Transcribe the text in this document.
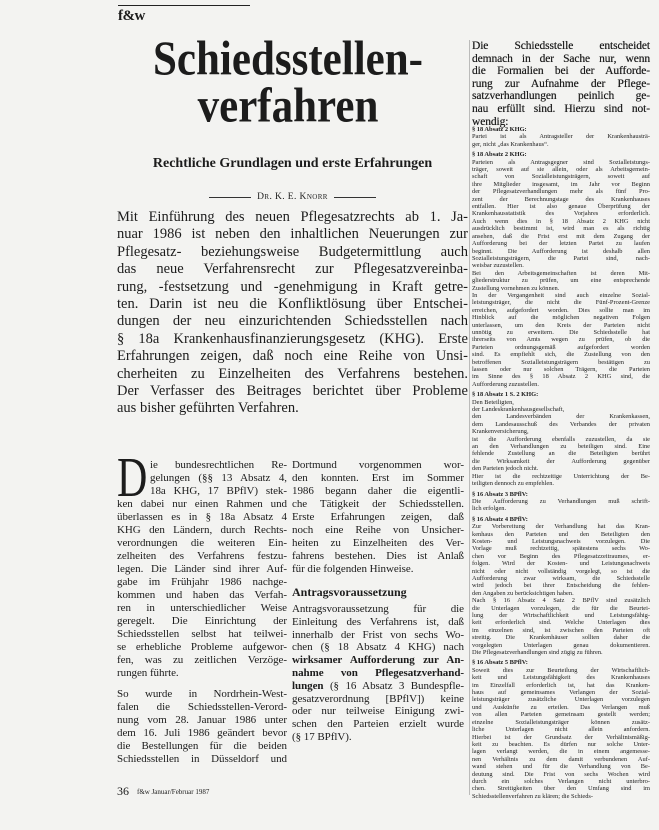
f&w
Schiedsstellen-
verfahren
Rechtliche Grundlagen und erste Erfahrungen
Dr. K. E. Knorr
Mit Einführung des neuen Pflegesatzrechts ab 1. Ja-
nuar 1986 ist neben den inhaltlichen Neuerungen zur
Pflegesatz- beziehungsweise Budgetermittlung auch
das neue Verfahrensrecht zur Pflegesatzvereinba-
rung, -festsetzung und -genehmigung in Kraft getre-
ten. Darin ist neu die Konfliktlösung über Entschei-
dungen der neu einzurichtenden Schiedsstellen nach
§ 18a Krankenhausfinanzierungsgesetz (KHG). Erste
Erfahrungen zeigen, daß noch eine Reihe von Unsi-
cherheiten zu Einzelheiten des Verfahrens bestehen.
Der Verfasser des Beitrages berichtet über Probleme
aus bisher geführten Verfahren.
D ie bundesrechtlichen Re-
gelungen (§§ 13 Absatz 4,
18a KHG, 17 BPflV) stek-
ken dabei nur einen Rahmen und
überlassen es in § 18a Absatz 4
KHG den Ländern, durch Rechts-
verordnungen die weiteren Ein-
zelheiten des Verfahrens festzu-
legen. Die Länder sind ihrer Auf-
gabe im Frühjahr 1986 nachge-
kommen und haben das Verfah-
ren in unterschiedlicher Weise
geregelt. Die Einrichtung der
Schiedsstellen selbst hat teilwei-
se erhebliche Probleme aufgewor-
fen, was zu zeitlichen Verzöge-
rungen führte.
So wurde in Nordrhein-West-
falen die Schiedsstellen-Verord-
nung vom 28. Januar 1986 unter
dem 16. Juli 1986 geändert bevor
die Bestellungen für die beiden
Schiedsstellen in Düsseldorf und
Dortmund vorgenommen wor-
den konnten. Erst im Sommer
1986 begann daher die eigentli-
che Tätigkeit der Schiedsstellen.
Erste Erfahrungen zeigen, daß
noch eine Reihe von Unsicher-
heiten zu Einzelheiten des Ver-
fahrens bestehen. Dies ist Anlaß
für die folgenden Hinweise.
Antragsvoraussetzung
Antragsvoraussetzung für die
Einleitung des Verfahrens ist, daß
innerhalb der Frist von sechs Wo-
chen (§ 18 Absatz 4 KHG) nach
wirksamer Aufforderung zur An-
nahme von Pflegesatzverhand-
lungen (§ 16 Absatz 3 Bundespfle-
gesatzverordnung [BPflV]) keine
oder nur teilweise Einigung zwi-
schen den Parteien erzielt wurde
(§ 17 BPflV).
Die Schiedsstelle entscheidet
demnach in der Sache nur, wenn
die Formalien bei der Aufforde-
rung zur Aufnahme der Pflege-
satzverhandlungen peinlich ge-
nau erfüllt sind. Hierzu sind not-
wendig:
§ 18 Absatz 2 KHG:
Partei ist als Antragsteller der Krankenhausträ-
ger, nicht „das Krankenhaus“.
§ 18 Absatz 2 KHG:
Parteien als Antragsgegner sind Sozialleistungs-
träger, soweit auf sie allein, oder als Arbeitsgemein-
schaft von Sozialleistungsträgern, soweit auf
ihre Mitglieder insgesamt, im Jahr vor Beginn
der Pflegesatzverhandlungen mehr als fünf Pro-
zent der Berechnungstage des Krankenhauses
entfallen. Hier ist also genaue Überprüfung der
Krankenhausstatistik des Vorjahres erforderlich.
Auch wenn dies in § 18 Absatz 2 KHG nicht
ausdrücklich bestimmt ist, wird man es als richtig
ansehen, daß die Frist erst mit dem Zugang der
Aufforderung bei der letzten Partei zu laufen
beginnt. Die Aufforderung ist deshalb allen
Sozialleistungsträgern, die Partei sind, nach-
weisbar zuzustellen.
Bei den Arbeitsgemeinschaften ist deren Mit-
gliederstruktur zu prüfen, um eine entsprechende
Zustellung vornehmen zu können.
In der Vergangenheit sind auch einzelne Sozial-
leistungsträger, die nicht die Fünf-Prozent-Grenze
erreichen, aufgefordert worden. Dies sollte man im
Hinblick auf die möglichen negativen Folgen
unterlassen, um den Kreis der Parteien nicht
unnötig zu erweitern. Die Schiedsstelle hat
ihrerseits von Amts wegen zu prüfen, ob die
Parteien ordnungsgemäß aufgefordert worden
sind. Es empfiehlt sich, die Zustellung von den
betroffenen Sozialleistungsträgern bestätigen zu
lassen oder nur solchen Trägern, die Parteien
im Sinne des § 18 Absatz 2 KHG sind, die
Aufforderung zuzustellen.
§ 18 Absatz 1 S. 2 KHG:
Den Beteiligten,
der Landeskrankenhausgesellschaft,
den Landesverbänden der Krankenkassen,
dem Landesausschuß des Verbandes der privaten
Krankenversicherung,
ist die Aufforderung ebenfalls zuzustellen, da sie
an den Verhandlungen zu beteiligen sind. Eine
fehlende Zustellung an die Beteiligten berührt
die Wirksamkeit der Aufforderung gegenüber
den Parteien jedoch nicht.
Hier ist die rechtzeitige Unterrichtung der Be-
teiligten dennoch zu empfehlen.
§ 16 Absatz 3 BPflV:
Die Aufforderung zu Verhandlungen muß schrift-
lich erfolgen.
§ 16 Absatz 4 BPflV:
Zur Vorbereitung der Verhandlung hat das Kran-
kenhaus den Parteien und den Beteiligten den
Kosten- und Leistungsnachweis vorzulegen. Die
Vorlage muß rechtzeitig, spätestens sechs Wo-
chen vor Beginn des Pflegesatzzeitraumes, er-
folgen. Wird der Kosten- und Leistungsnachweis
nicht oder nicht vollständig vorgelegt, so ist die
Aufforderung zwar wirksam, die Schiedsstelle
wird jedoch bei ihrer Entscheidung die fehlen-
den Angaben zu berücksichtigen haben.
Nach § 16 Absatz 4 Satz 2 BPflV sind zusätzlich
die Unterlagen vorzulegen, die für die Beurtei-
lung der Wirtschaftlichkeit und Leistungsfähig-
keit erforderlich sind. Welche Unterlagen dies
im einzelnen sind, ist zwischen den Parteien oft
streitig. Die Krankenhäuser sollten daher die
vorgelegten Unterlagen genau dokumentieren.
Die Pflegesatzverhandlungen sind zügig zu führen.
§ 16 Absatz 5 BPflV:
Soweit dies zur Beurteilung der Wirtschaftlich-
keit und Leistungsfähigkeit des Krankenhauses
im Einzelfall erforderlich ist, hat das Kranken-
haus auf gemeinsames Verlangen der Sozial-
leistungsträger zusätzliche Unterlagen vorzulegen
und Auskünfte zu erteilen. Das Verlangen muß
von allen Parteien gemeinsam gestellt werden;
einzelne Sozialleistungsträger können zusätz-
liche Unterlagen nicht allein anfordern.
Hierbei ist der Grundsatz der Verhältnismäßig-
keit zu beachten. Es dürfen nur solche Unter-
lagen verlangt werden, die in einem angemesse-
nen Verhältnis zu dem damit verbundenen Auf-
wand stehen und für die Verhandlung von Be-
deutung sind. Die Frist von sechs Wochen wird
durch ein solches Verlangen nicht unterbro-
chen. Streitigkeiten über den Umfang sind im
Schiedsstellenverfahren zu klären; die Schieds-
36 f&w Januar/Februar 1987
